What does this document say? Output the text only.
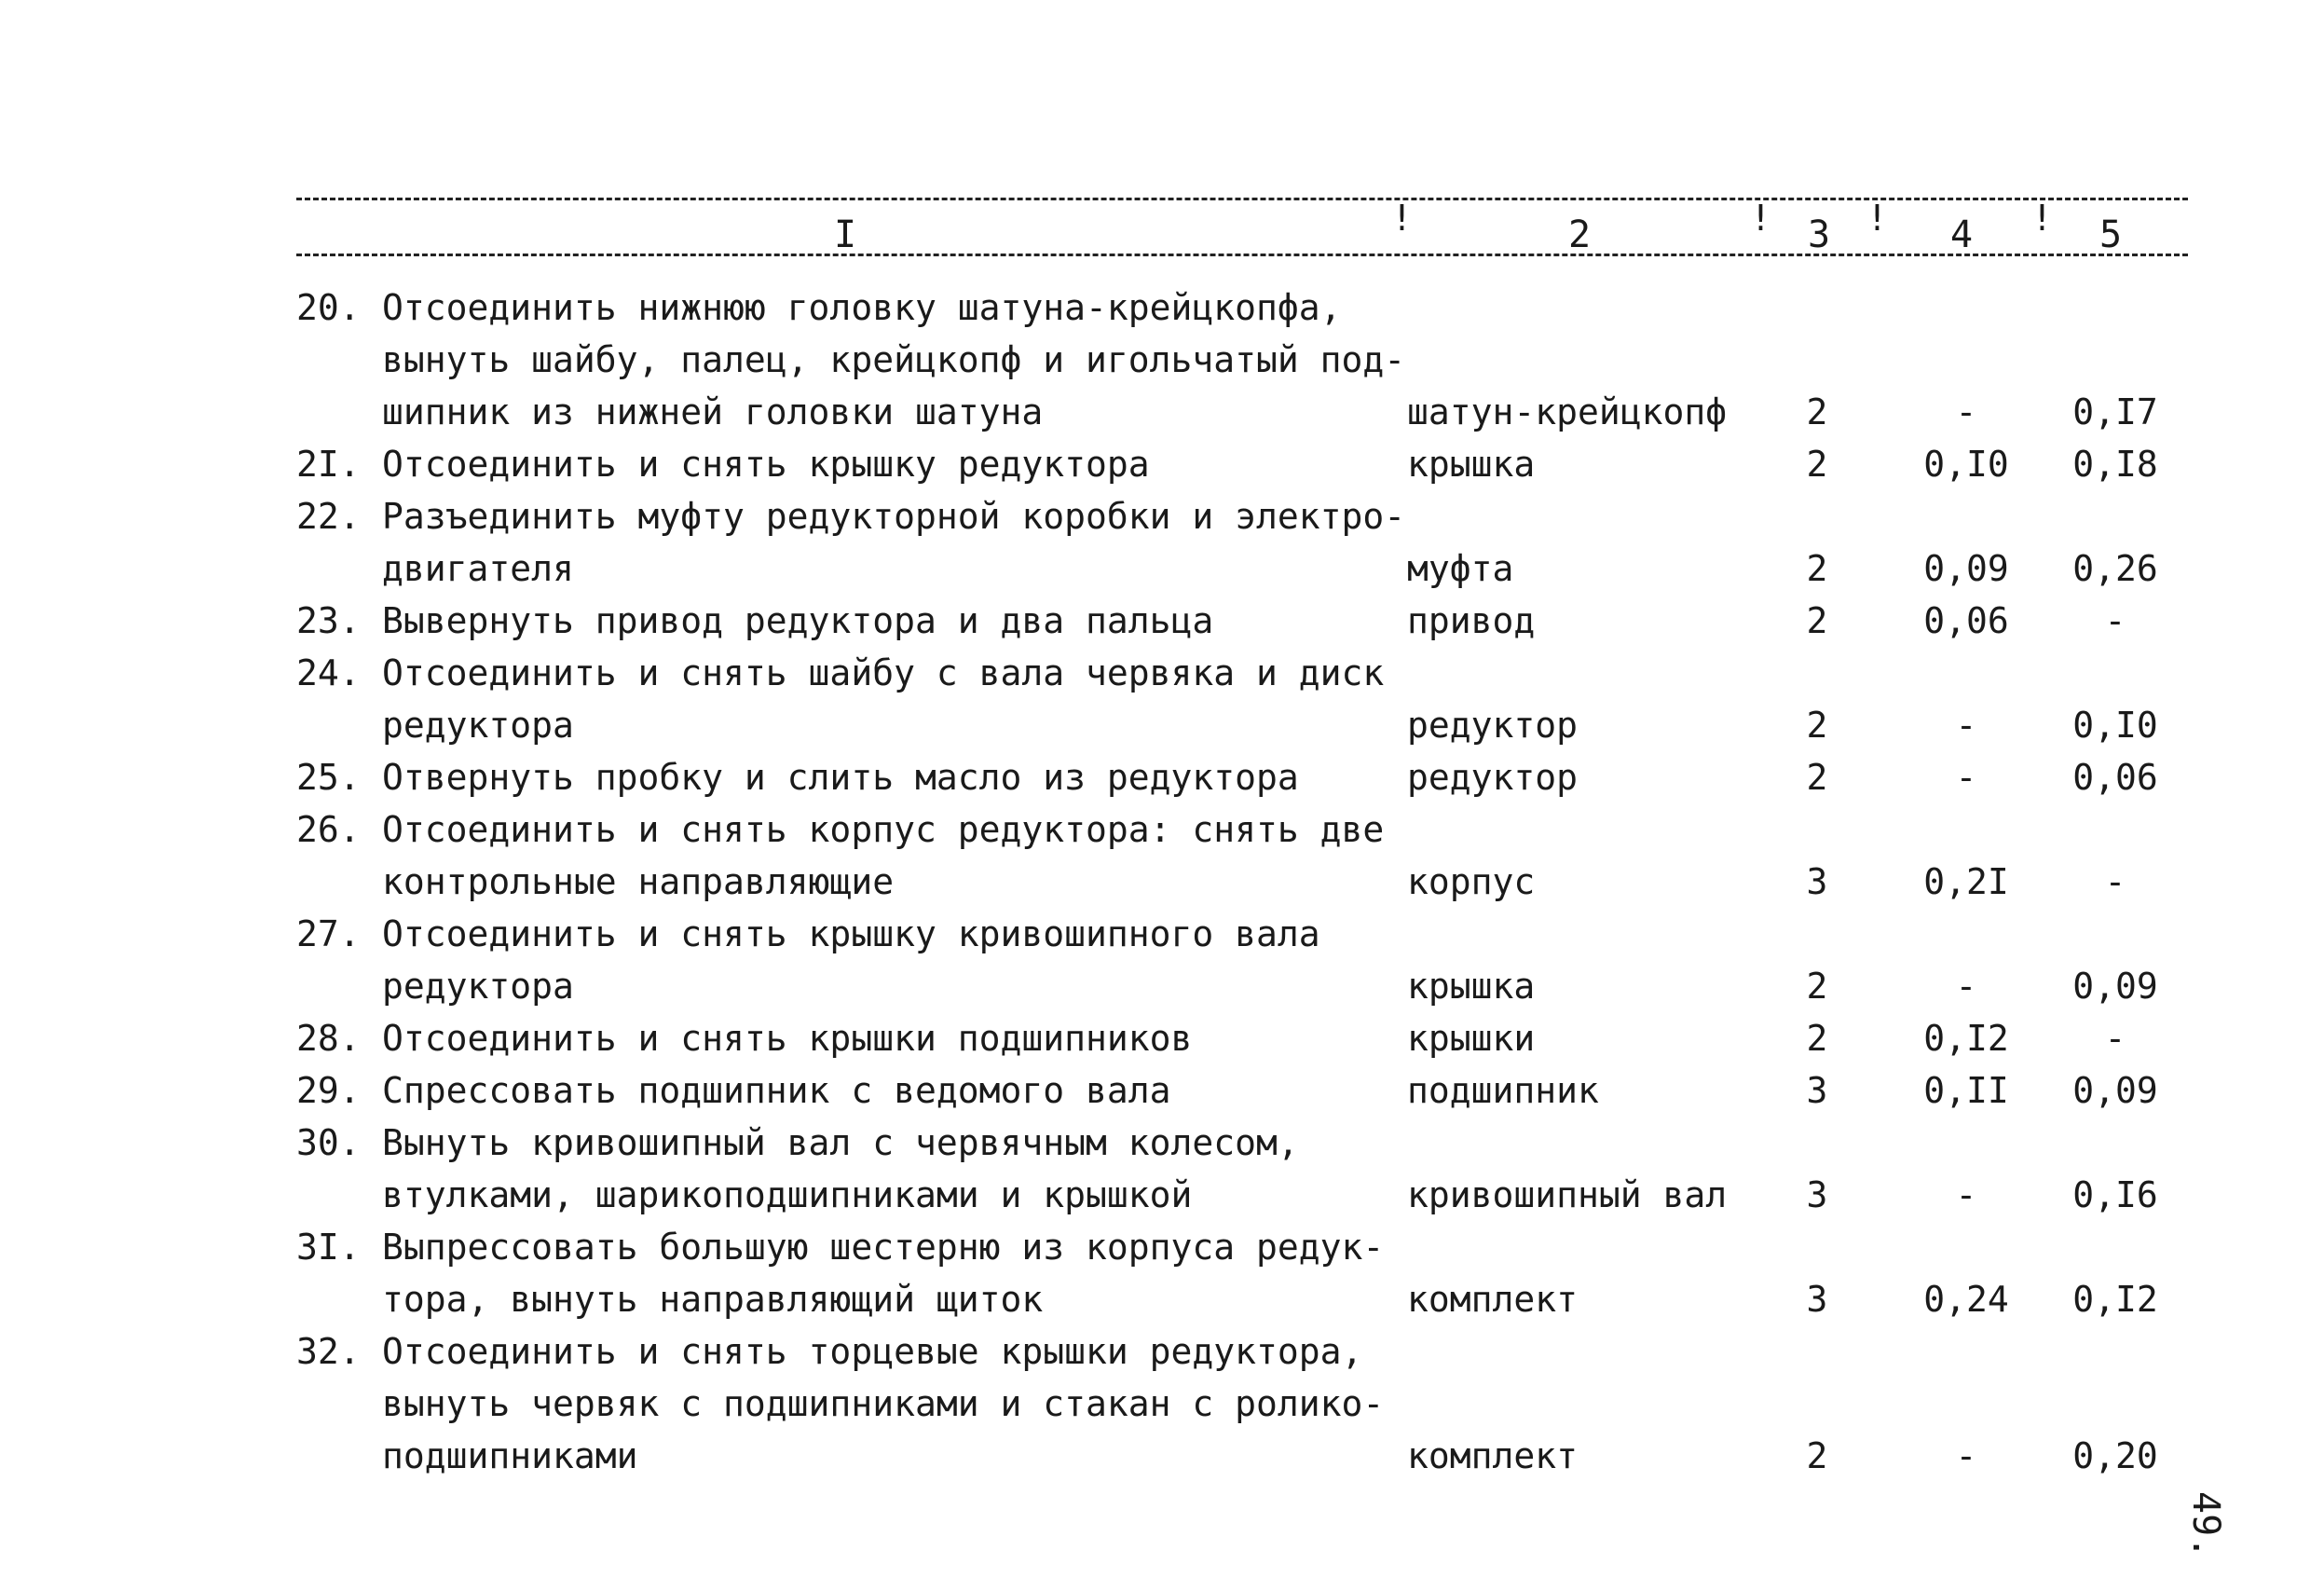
I	2	3	4	5
!	!	!	!
20. Отсоединить нижнюю головку шатуна-крейцкопфа,
вынуть шайбу, палец, крейцкопф и игольчатый под-
шипник из нижней головки шатуна	шатун-крейцкопф 2	-	0,I7
2I. Отсоединить и снять крышку редуктора	крышка	2	0,I0 0,I8
22. Разъединить муфту редукторной коробки и электро-
двигателя	муфта	2	0,09 0,26
23. Вывернуть привод редуктора и два пальца	привод	2	0,06	-
24. Отсоединить и снять шайбу с вала червяка и диск
редуктора	редуктор	2	-	0,I0
25. Отвернуть пробку и слить масло из редуктора	редуктор	2	-	0,06
26. Отсоединить и снять корпус редуктора: снять две
контрольные направляющие	корпус	3	0,2I	-
27. Отсоединить и снять крышку кривошипного вала
редуктора	крышка	2	-	0,09
28. Отсоединить и снять крышки подшипников	крышки	2	0,I2	-
29. Спрессовать подшипник с ведомого вала	подшипник	3	0,II 0,09
30. Вынуть кривошипный вал с червячным колесом,
втулками, шарикоподшипниками и крышкой	кривошипный вал 3	-	0,I6
3I. Выпрессовать большую шестерню из корпуса редук-
тора, вынуть направляющий щиток	комплект	3	0,24 0,I2
32. Отсоединить и снять торцевые крышки редуктора,
вынуть червяк с подшипниками и стакан с ролико-
подшипниками	комплект	2	-	0,20
49.
